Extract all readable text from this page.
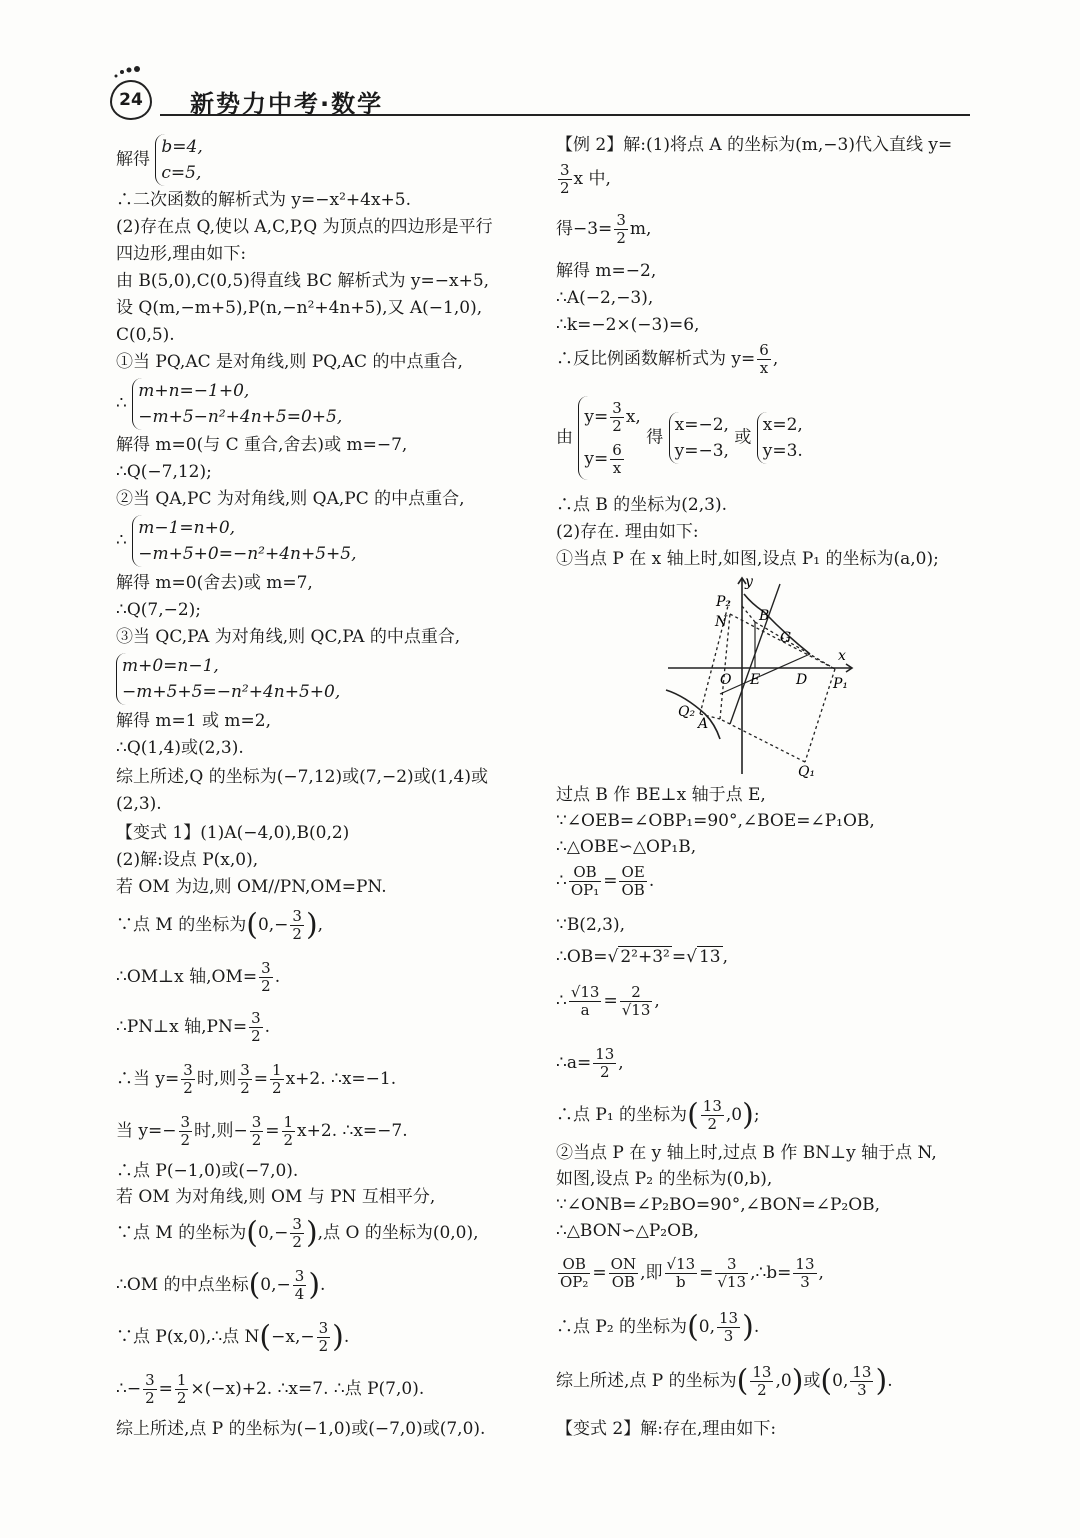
24	新势力中考·数学
解得
b=4,
c=5,
∴二次函数的解析式为 y=−x²+4x+5.
(2)存在点 Q,使以 A,C,P,Q 为顶点的四边形是平行
四边形,理由如下:
由 B(5,0),C(0,5)得直线 BC 解析式为 y=−x+5,
设 Q(m,−m+5),P(n,−n²+4n+5),又 A(−1,0),
C(0,5).
①当 PQ,AC 是对角线,则 PQ,AC 的中点重合,
∴
m+n=−1+0,
−m+5−n²+4n+5=0+5,
解得 m=0(与 C 重合,舍去)或 m=−7,
∴Q(−7,12);
②当 QA,PC 为对角线,则 QA,PC 的中点重合,
∴
m−1=n+0,
−m+5+0=−n²+4n+5+5,
解得 m=0(舍去)或 m=7,
∴Q(7,−2);
③当 QC,PA 为对角线,则 QC,PA 的中点重合,
m+0=n−1,
−m+5+5=−n²+4n+5+0,
解得 m=1 或 m=2,
∴Q(1,4)或(2,3).
综上所述,Q 的坐标为(−7,12)或(7,−2)或(1,4)或
(2,3).
【变式 1】(1)A(−4,0),B(0,2)
(2)解:设点 P(x,0),
若 OM 为边,则 OM//PN,OM=PN.
∵点 M 的坐标为($0,- \frac{3}{2}$ ),
∴OM⊥x 轴$,OM= \frac{3}{2}$ .
∴PN⊥x 轴$,PN= \frac{3}{2}$ .
∴当 $y= \frac{3}{2}$ 时,则 $\frac{3}{2} = \frac{1}{2} x+2$. ∴x=−1.
当 $y=- \frac{3}{2}$ 时,则− $\frac{3}{2} = \frac{1}{2} x+2$. ∴x=−7.
∴点 P(−1,0)或(−7,0).
若 OM 为对角线,则 OM 与 PN 互相平分,
∵点 M 的坐标为($0,- \frac{3}{2}$ ),点 O 的坐标为(0,0),
∴OM 的中点坐标($0,- \frac{3}{4}$ ).
∵点 P(x,0),∴点 $N(-x,- \frac{3}{2}$ ).
∴− $\frac{3}{2} = \frac{1}{2} \times(-x)+2$. ∴x=7. ∴点 P(7,0).
综上所述,点 P 的坐标为(−1,0)或(−7,0)或(7,0).
【例 2】解:(1)将点 A 的坐标为(m,−3)代入直线 y=
$\frac{3}{2}$ x 中,
得$-3= \frac{3}{2} m$,
解得 m=−2,
∴A(−2,−3),
∴k=−2×(−3)=6,
∴反比例函数解析式为 $y= \frac{6}{x}$ ,
由
$y= \frac{3}{2} x$,
$y= \frac{6}{x}$
得
x=−2,
y=−3,
或
x=2,
y=3.
∴点 B 的坐标为(2,3).
(2)存在. 理由如下:
①当点 P 在 x 轴上时,如图,设点 P₁ 的坐标为(a,0);
过点 B 作 BE⊥x 轴于点 E,
∵∠OEB=∠OBP₁=90°,∠BOE=∠P₁OB,
∴△OBE∽△OP₁B,
∴ $\frac{OB}{\text{OP₁}} = \frac{OE}{OB}$ .
∵B(2,3),
∴OB=√ 2²+3² =√ 13 ,
∴ $\frac{√13}{a} = \frac{2}{√13}$ ,
∴a= $\frac{13}{2}$ ,
∴点 P₁ 的坐标为( $\frac{13}{2} ,0$);
②当点 P 在 y 轴上时,过点 B 作 BN⊥y 轴于点 N,
如图,设点 P₂ 的坐标为(0,b),
∵∠ONB=∠P₂BO=90°,∠BON=∠P₂OB,
∴△BON∽△P₂OB,
$\frac{OB}{\text{OP₂}} = \frac{ON}{OB}$ ,即 $\frac{√13}{b} = \frac{3}{√13}$ ,∴b= $\frac{13}{3}$ ,
∴点 P₂ 的坐标为(0, $\frac{13}{3}$ ).
综上所述,点 P 的坐标为( $\frac{13}{2} ,0$)或(0, $\frac{13}{3}$ ).
【变式 2】解:存在,理由如下:
y
x
P₂
N B
G
O E	D P₁
Q₂
A
Q₁
